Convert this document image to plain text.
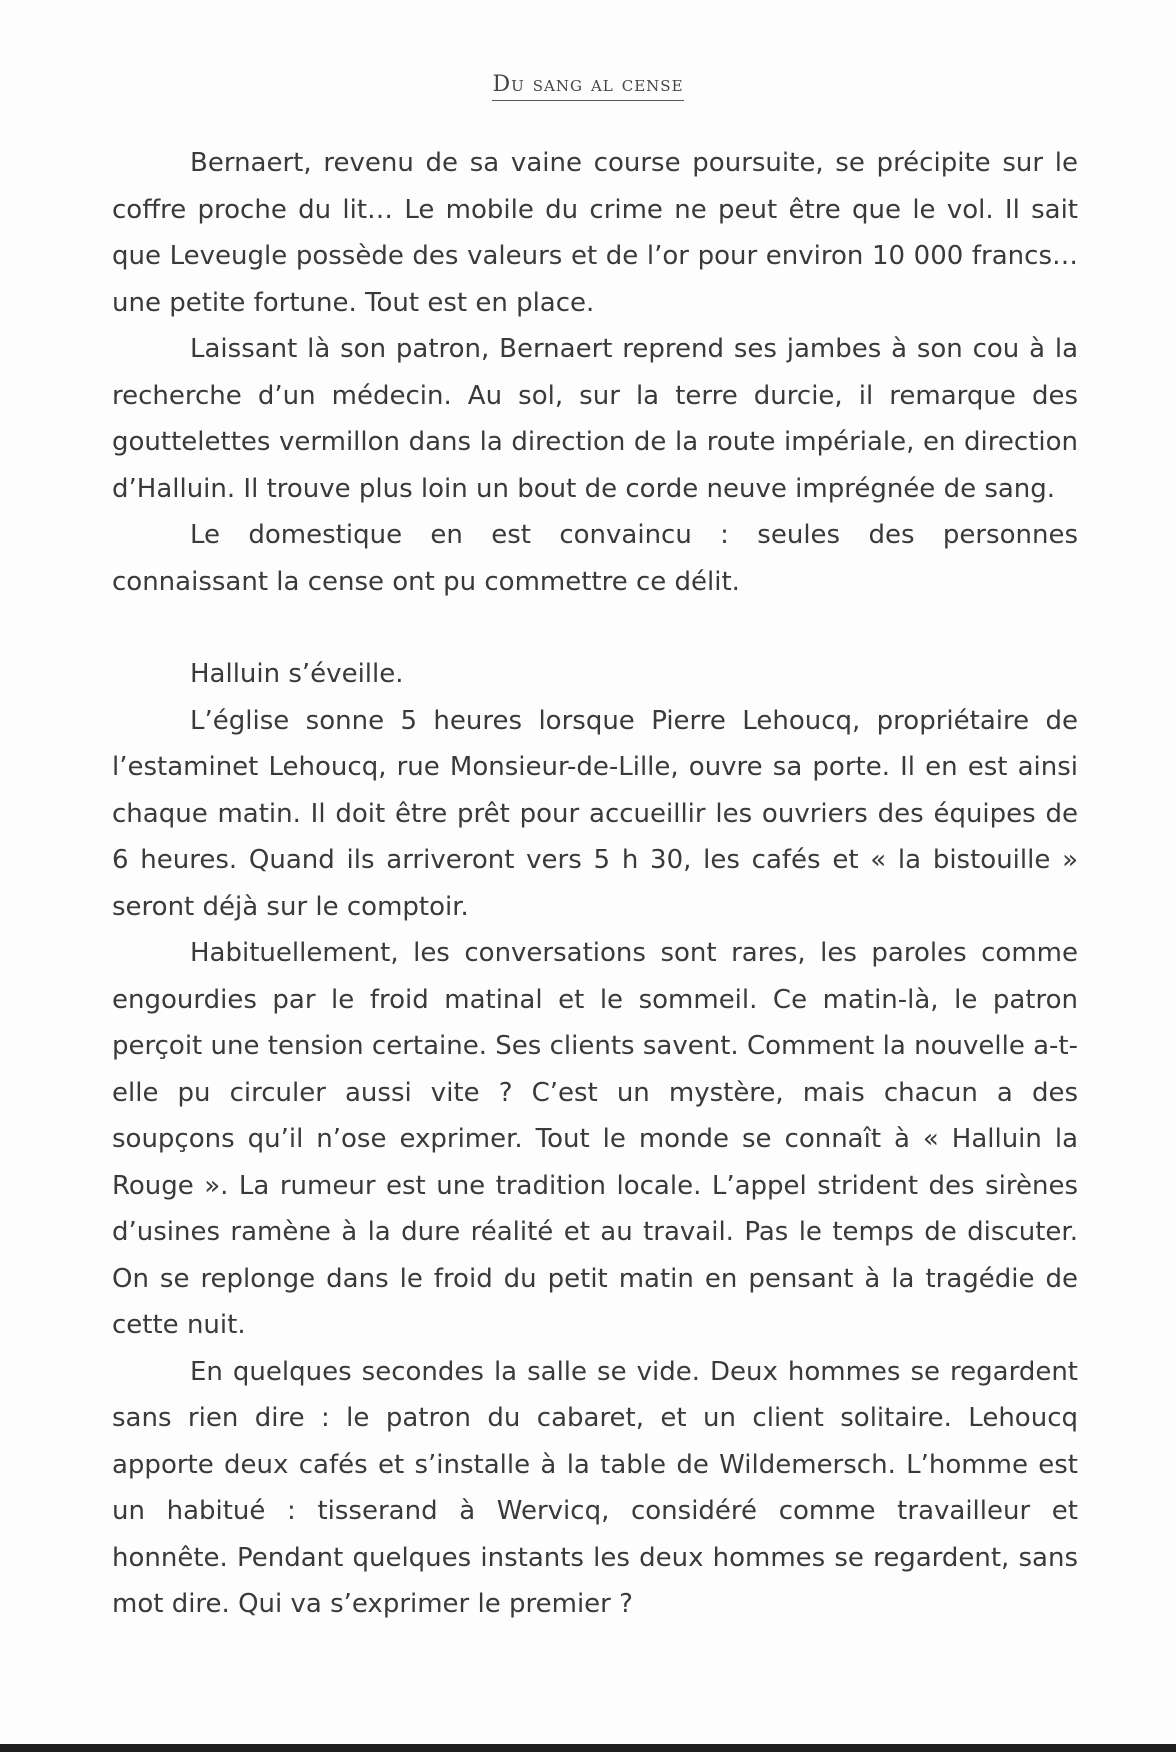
Du sang al cense

Bernaert, revenu de sa vaine course poursuite, se précipite sur le coffre proche du lit… Le mobile du crime ne peut être que le vol. Il sait que Leveugle possède des valeurs et de l’or pour environ 10 000 francs… une petite fortune. Tout est en place.

Laissant là son patron, Bernaert reprend ses jambes à son cou à la recherche d’un médecin. Au sol, sur la terre durcie, il remarque des gouttelettes vermillon dans la direction de la route impériale, en direction d’Halluin. Il trouve plus loin un bout de corde neuve imprégnée de sang.

Le domestique en est convaincu : seules des personnes connaissant la cense ont pu commettre ce délit.

Halluin s’éveille.

L’église sonne 5 heures lorsque Pierre Lehoucq, propriétaire de l’estaminet Lehoucq, rue Monsieur-de-Lille, ouvre sa porte. Il en est ainsi chaque matin. Il doit être prêt pour accueillir les ouvriers des équipes de 6 heures. Quand ils arriveront vers 5 h 30, les cafés et « la bistouille » seront déjà sur le comptoir.

Habituellement, les conversations sont rares, les paroles comme engourdies par le froid matinal et le sommeil. Ce matin-là, le patron perçoit une tension certaine. Ses clients savent. Comment la nouvelle a-t-elle pu circuler aussi vite ? C’est un mystère, mais chacun a des soupçons qu’il n’ose exprimer. Tout le monde se connaît à « Halluin la Rouge ». La rumeur est une tradition locale. L’appel strident des sirènes d’usines ramène à la dure réalité et au travail. Pas le temps de discuter. On se replonge dans le froid du petit matin en pensant à la tragédie de cette nuit.

En quelques secondes la salle se vide. Deux hommes se regardent sans rien dire : le patron du cabaret, et un client solitaire. Lehoucq apporte deux cafés et s’installe à la table de Wildemersch. L’homme est un habitué : tisserand à Wervicq, considéré comme travailleur et honnête. Pendant quelques instants les deux hommes se regardent, sans mot dire. Qui va s’exprimer le premier ?
